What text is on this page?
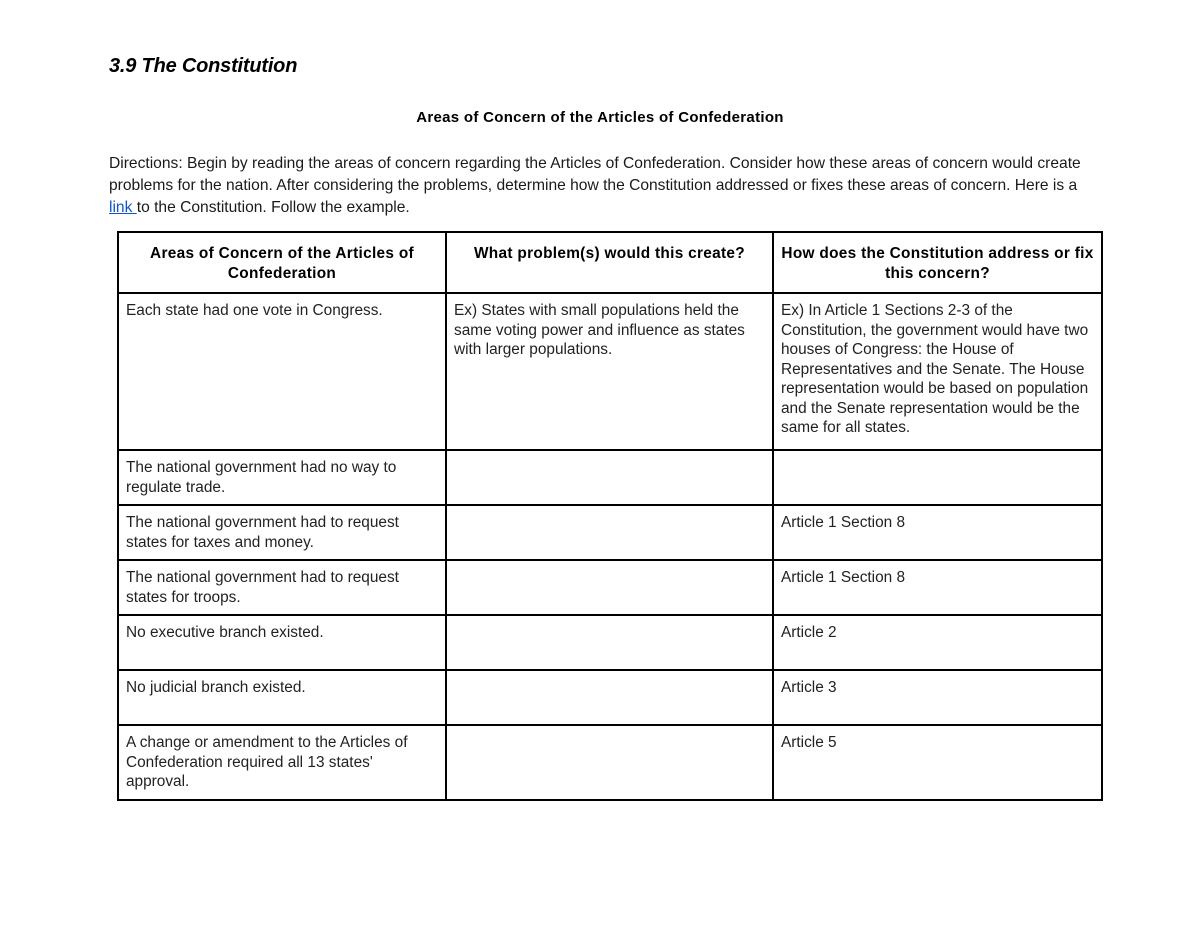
3.9 The Constitution
Areas of Concern of the Articles of Confederation

Directions: Begin by reading the areas of concern regarding the Articles of Confederation. Consider how these areas of concern would create problems for the nation. After considering the problems, determine how the Constitution addressed or fixes these areas of concern. Here is a link to the Constitution. Follow the example.

Areas of Concern of the Articles of Confederation	What problem(s) would this create?	How does the Constitution address or fix this concern?
Each state had one vote in Congress.	Ex) States with small populations held the same voting power and influence as states with larger populations.	Ex) In Article 1 Sections 2-3 of the Constitution, the government would have two houses of Congress: the House of Representatives and the Senate. The House representation would be based on population and the Senate representation would be the same for all states.
The national government had no way to regulate trade.		
The national government had to request states for taxes and money.		Article 1 Section 8
The national government had to request states for troops.		Article 1 Section 8
No executive branch existed.		Article 2
No judicial branch existed.		Article 3
A change or amendment to the Articles of Confederation required all 13 states' approval.		Article 5
